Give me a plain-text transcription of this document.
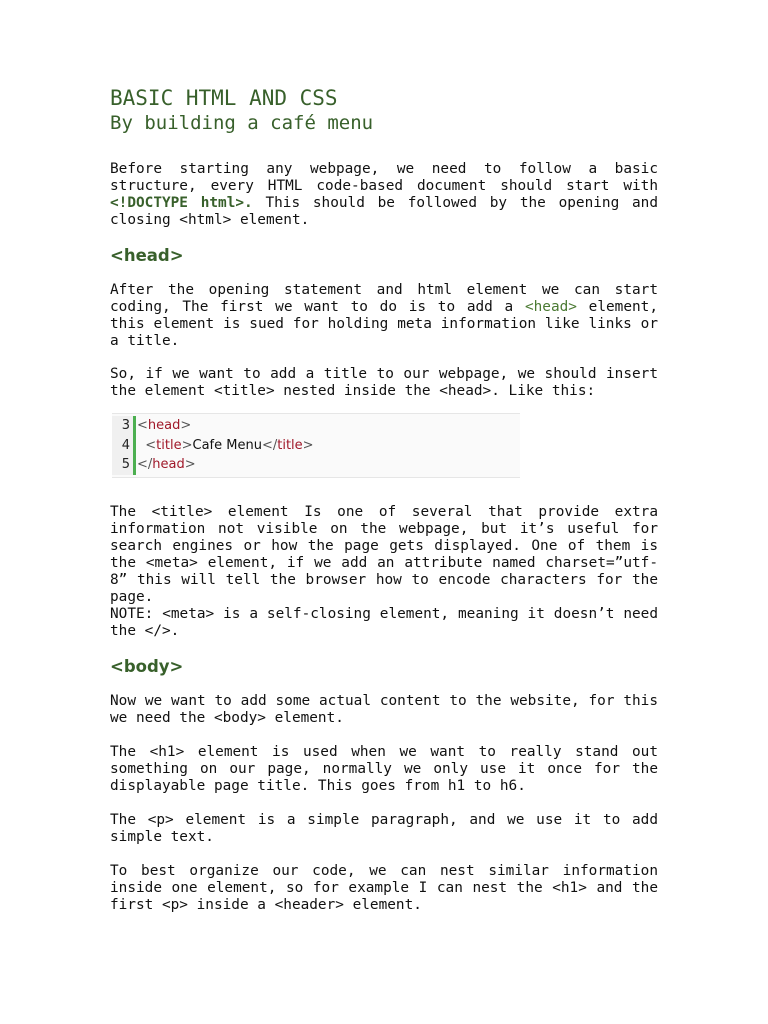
BASIC HTML AND CSS
By building a café menu

Before starting any webpage, we need to follow a basic structure, every HTML code-based document should start with <!DOCTYPE html>. This should be followed by the opening and closing <html> element.

<head>

After the opening statement and html element we can start coding, The first we want to do is to add a <head> element, this element is sued for holding meta information like links or a title.

So, if we want to add a title to our webpage, we should insert the element <title> nested inside the <head>. Like this:

3 <head>
4	<title>Cafe Menu</title>
5 </head>

The <title> element Is one of several that provide extra information not visible on the webpage, but it’s useful for search engines or how the page gets displayed. One of them is the <meta> element, if we add an attribute named charset=”utf-8” this will tell the browser how to encode characters for the page.

NOTE: <meta> is a self-closing element, meaning it doesn’t need the </>.

<body>

Now we want to add some actual content to the website, for this we need the <body> element.

The <h1> element is used when we want to really stand out something on our page, normally we only use it once for the displayable page title. This goes from h1 to h6.

The <p> element is a simple paragraph, and we use it to add simple text.

To best organize our code, we can nest similar information inside one element, so for example I can nest the <h1> and the first <p> inside a <header> element.
